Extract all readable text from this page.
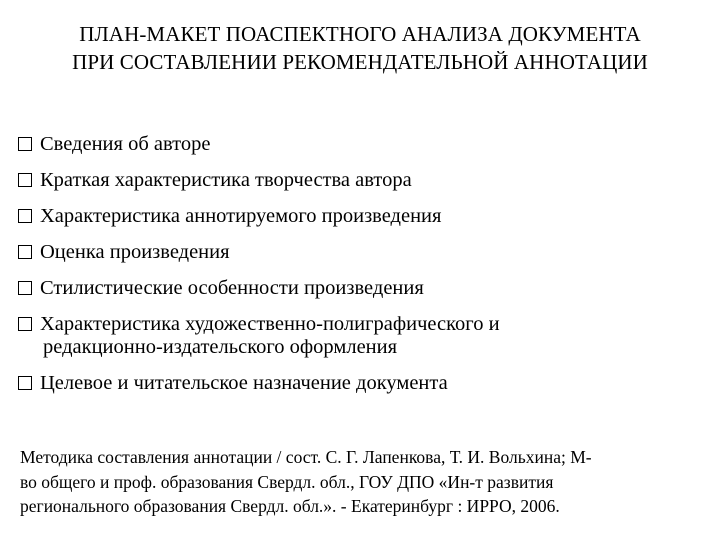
ПЛАН-МАКЕТ ПОАСПЕКТНОГО АНАЛИЗА ДОКУМЕНТА
ПРИ СОСТАВЛЕНИИ РЕКОМЕНДАТЕЛЬНОЙ АННОТАЦИИ
Сведения об авторе
Краткая характеристика творчества автора
Характеристика аннотируемого произведения
Оценка произведения
Стилистические особенности произведения
Характеристика художественно-полиграфического и
редакционно-издательского оформления
Целевое и читательское назначение документа

Методика составления аннотации / сост. С. Г. Лапенкова, Т. И. Вольхина; М-
во общего и проф. образования Свердл. обл., ГОУ ДПО «Ин-т развития
регионального образования Свердл. обл.». - Екатеринбург : ИРРО, 2006.
